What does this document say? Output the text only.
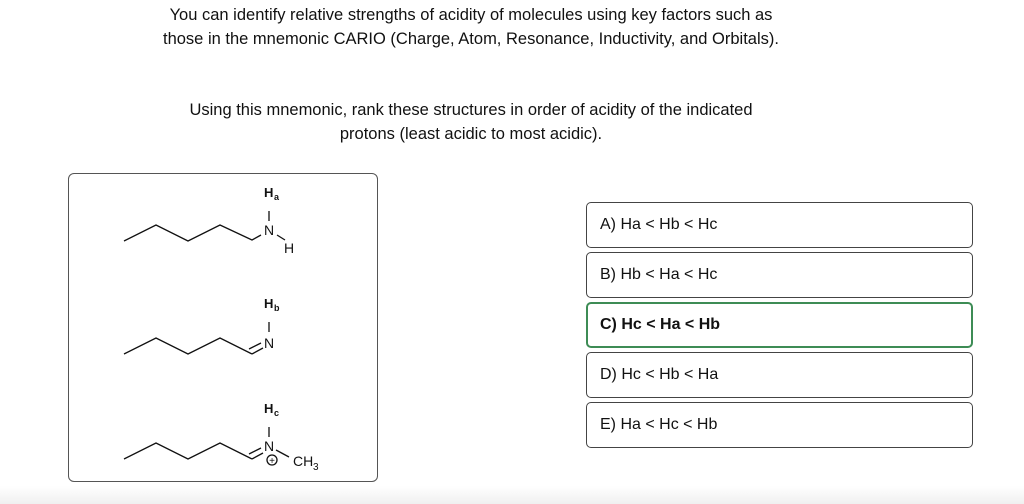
You can identify relative strengths of acidity of molecules using key factors such as those in the mnemonic CARIO (Charge, Atom, Resonance, Inductivity, and Orbitals).
Using this mnemonic, rank these structures in order of acidity of the indicated protons (least acidic to most acidic).
H a
N
H
H b
N
H c
N
+ CH 3
A) Ha < Hb < Hc
B) Hb < Ha < Hc
C) Hc < Ha < Hb
D) Hc < Hb < Ha
E) Ha < Hc < Hb
